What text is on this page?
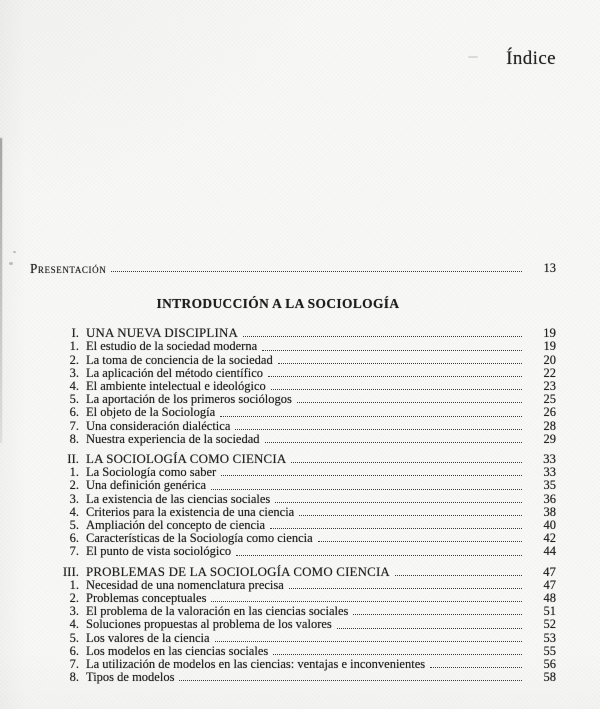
Índice
Presentación	13
INTRODUCCIÓN A LA SOCIOLOGÍA
I. UNA NUEVA DISCIPLINA	19
1. El estudio de la sociedad moderna	19
2. La toma de conciencia de la sociedad	20
3. La aplicación del método científico	22
4. El ambiente intelectual e ideológico	23
5. La aportación de los primeros sociólogos	25
6. El objeto de la Sociología	26
7. Una consideración dialéctica	28
8. Nuestra experiencia de la sociedad	29
II. LA SOCIOLOGÍA COMO CIENCIA	33
1. La Sociología como saber	33
2. Una definición genérica	35
3. La existencia de las ciencias sociales	36
4. Criterios para la existencia de una ciencia	38
5. Ampliación del concepto de ciencia	40
6. Características de la Sociología como ciencia	42
7. El punto de vista sociológico	44
III. PROBLEMAS DE LA SOCIOLOGÍA COMO CIENCIA	47
1. Necesidad de una nomenclatura precisa	47
2. Problemas conceptuales	48
3. El problema de la valoración en las ciencias sociales	51
4. Soluciones propuestas al problema de los valores	52
5. Los valores de la ciencia	53
6. Los modelos en las ciencias sociales	55
7. La utilización de modelos en las ciencias: ventajas e inconvenientes	56
8. Tipos de modelos	58
